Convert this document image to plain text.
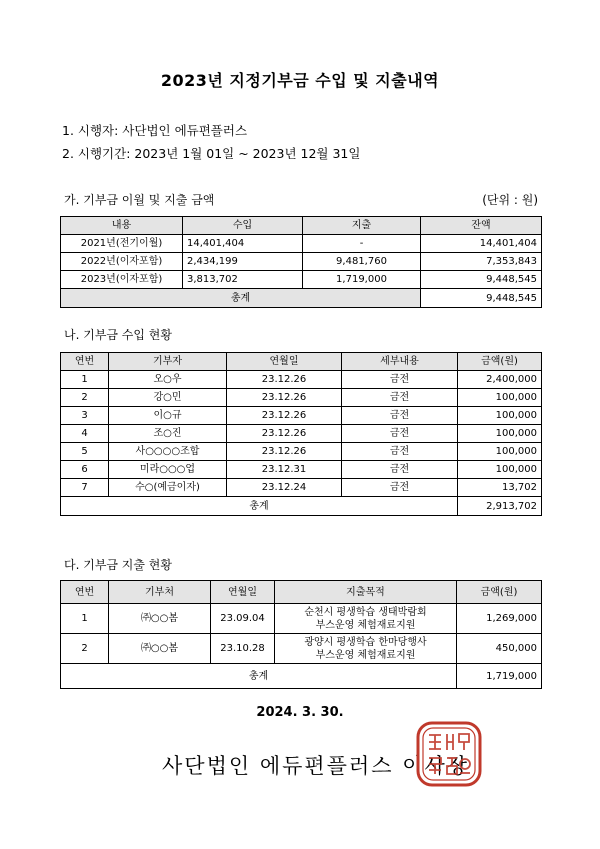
2023년 지정기부금 수입 및 지출내역
1. 시행자: 사단법인 에듀편플러스
2. 시행기간: 2023년 1월 01일 ~ 2023년 12월 31일
가. 기부금 이월 및 지출 금액	(단위 : 원)
내용	수입	지출	잔액
2021년(전기이월)	14,401,404	-	14,401,404
2022년(이자포함)	2,434,199	9,481,760	7,353,843
2023년(이자포함)	3,813,702	1,719,000	9,448,545
총계			9,448,545
나. 기부금 수입 현황
연번	기부자	연월일	세부내용	금액(원)
1	오○우	23.12.26	금전	2,400,000
2	강○민	23.12.26	금전	100,000
3	이○규	23.12.26	금전	100,000
4	조○진	23.12.26	금전	100,000
5	사○○○○조합	23.12.26	금전	100,000
6	미라○○○업	23.12.31	금전	100,000
7	수○(예금이자)	23.12.24	금전	13,702
총계				2,913,702
다. 기부금 지출 현황
연번	기부처	연월일	지출목적	금액(원)
1	㈜○○봄	23.09.04	순천시 평생학습 생태박람회
부스운영 체험재료지원	1,269,000
2	㈜○○봄	23.10.28	광양시 평생학습 한마당행사
부스운영 체험재료지원	450,000
총계				1,719,000
2024. 3. 30.
사단법인 에듀편플러스 이사장
